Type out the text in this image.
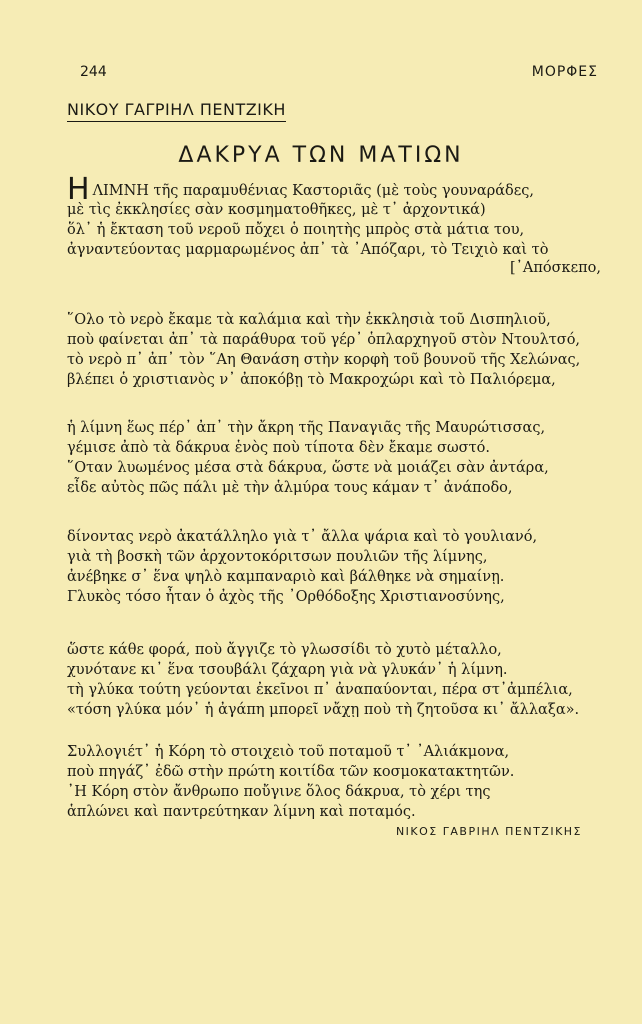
244	ΜΟΡΦΕΣ
ΝΙΚΟΥ ΓΑΓΡΙΗΛ ΠΕΝΤΖΙΚΗ
ΔΑΚΡΥΑ ΤΩΝ ΜΑΤΙΩΝ
ΗΛΙΜΝΗ τῆς παραμυθένιας Καστοριᾶς (μὲ τοὺς γουναράδες,
μὲ τὶς ἐκκλησίες σὰν κοσμηματοθῆκες, μὲ τ᾿ ἀρχοντικά)
ὅλ᾿ ἡ ἔκταση τοῦ νεροῦ πὄχει ὁ ποιητὴς μπρὸς στὰ μάτια του,
ἀγναντεύοντας μαρμαρωμένος ἀπ᾿ τὰ ᾿Απόζαρι, τὸ Τειχιὸ καὶ τὸ
[᾿Απόσκεπο,
῞Ολο τὸ νερὸ ἔκαμε τὰ καλάμια καὶ τὴν ἐκκλησιὰ τοῦ Δισπηλιοῦ,
ποὺ φαίνεται ἀπ᾿ τὰ παράθυρα τοῦ γέρ᾿ ὁπλαρχηγοῦ στὸν Ντουλτσό,
τὸ νερὸ π᾿ ἀπ᾿ τὸν ῞Αη Θανάση στὴν κορφὴ τοῦ βουνοῦ τῆς Χελώνας,
βλέπει ὁ χριστιανὸς ν᾿ ἀποκόβῃ τὸ Μακροχώρι καὶ τὸ Παλιόρεμα,
ἡ λίμνη ἕως πέρ᾿ ἀπ᾿ τὴν ἄκρη τῆς Παναγιᾶς τῆς Μαυρώτισσας,
γέμισε ἀπὸ τὰ δάκρυα ἑνὸς ποὺ τίποτα δὲν ἔκαμε σωστό.
῞Οταν λυωμένος μέσα στὰ δάκρυα, ὥστε νὰ μοιάζει σὰν ἀντάρα,
εἶδε αὐτὸς πῶς πάλι μὲ τὴν ἁλμύρα τους κάμαν τ᾿ ἀνάποδο,
δίνοντας νερὸ ἀκατάλληλο γιὰ τ᾿ ἄλλα ψάρια καὶ τὸ γουλιανό,
γιὰ τὴ βοσκὴ τῶν ἀρχοντοκόριτσων πουλιῶν τῆς λίμνης,
ἀνέβηκε σ᾿ ἕνα ψηλὸ καμπαναριὸ καὶ βάλθηκε νὰ σημαίνῃ.
Γλυκὸς τόσο ἦταν ὁ ἀχὸς τῆς ᾿Ορθόδοξης Χριστιανοσύνης,
ὥστε κάθε φορά, ποὺ ἄγγιζε τὸ γλωσσίδι τὸ χυτὸ μέταλλο,
χυνότανε κι᾿ ἕνα τσουβάλι ζάχαρη γιὰ νὰ γλυκάν᾿ ἡ λίμνη.
τὴ γλύκα τούτη γεύονται ἐκεῖνοι π᾿ ἀναπαύονται, πέρα στ᾿ἀμπέλια,
«τόση γλύκα μόν᾿ ἡ ἀγάπη μπορεῖ νἄχῃ ποὺ τὴ ζητοῦσα κι᾿ ἄλλαξα».
Συλλογιέτ᾿ ἡ Κόρη τὸ στοιχειὸ τοῦ ποταμοῦ τ᾿ ᾿Αλιάκμονα,
ποὺ πηγάζ᾿ ἐδῶ στὴν πρώτη κοιτίδα τῶν κοσμοκατακτητῶν.
᾿Η Κόρη στὸν ἄνθρωπο πoὔγινε ὅλος δάκρυα, τὸ χέρι της
ἁπλώνει καὶ παντρεύτηκαν λίμνη καὶ ποταμός.
ΝΙΚΟΣ ΓΑΒΡΙΗΛ ΠΕΝΤΖΙΚΗΣ
